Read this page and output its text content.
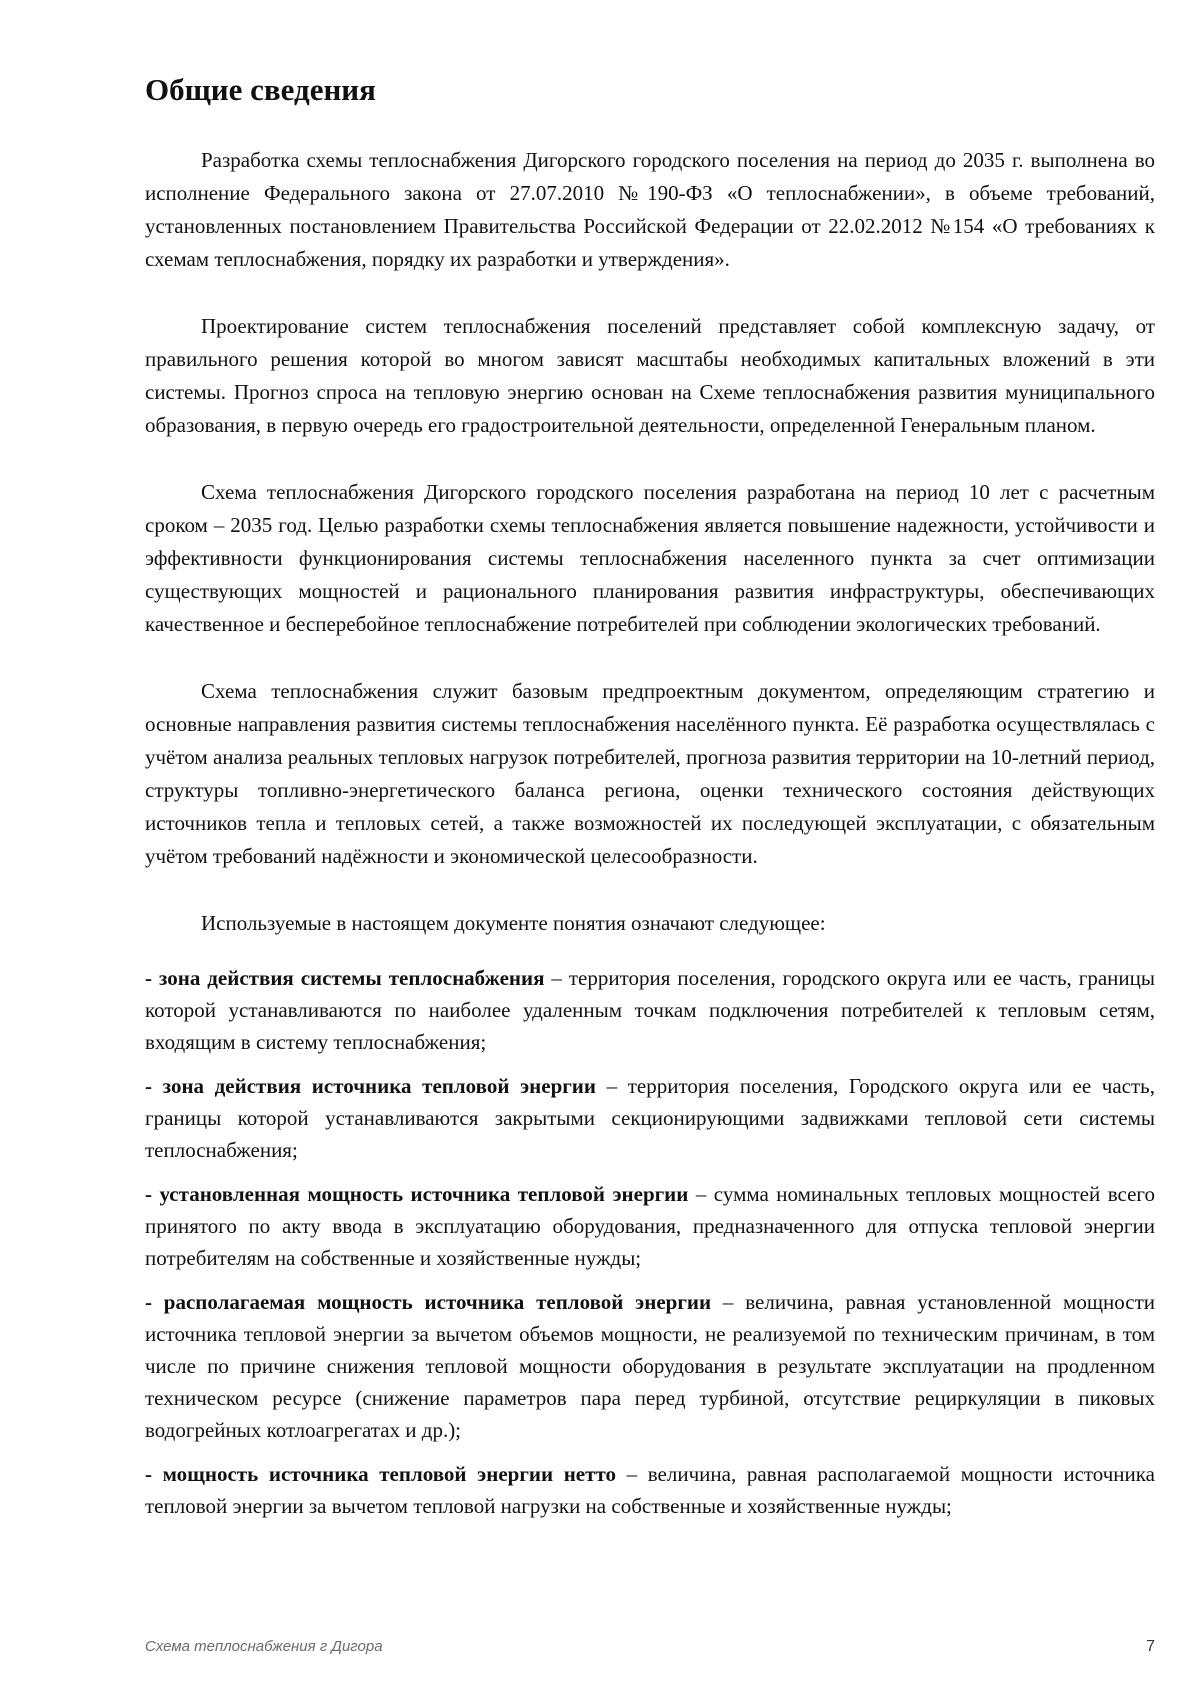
Общие сведения

Разработка схемы теплоснабжения Дигорского городского поселения на период до 2035 г. выполнена во исполнение Федерального закона от 27.07.2010 №190-ФЗ «О теплоснабжении», в объеме требований, установленных постановлением Правительства Российской Федерации от 22.02.2012 №154 «О требованиях к схемам теплоснабжения, порядку их разработки и утверждения».

Проектирование систем теплоснабжения поселений представляет собой комплексную задачу, от правильного решения которой во многом зависят масштабы необходимых капитальных вложений в эти системы. Прогноз спроса на тепловую энергию основан на Схеме теплоснабжения развития муниципального образования, в первую очередь его градостроительной деятельности, определенной Генеральным планом.

Схема теплоснабжения Дигорского городского поселения разработана на период 10 лет с расчетным сроком – 2035 год. Целью разработки схемы теплоснабжения является повышение надежности, устойчивости и эффективности функционирования системы теплоснабжения населенного пункта за счет оптимизации существующих мощностей и рационального планирования развития инфраструктуры, обеспечивающих качественное и бесперебойное теплоснабжение потребителей при соблюдении экологических требований.

Схема теплоснабжения служит базовым предпроектным документом, определяющим стратегию и основные направления развития системы теплоснабжения населённого пункта. Её разработка осуществлялась с учётом анализа реальных тепловых нагрузок потребителей, прогноза развития территории на 10-летний период, структуры топливно-энергетического баланса региона, оценки технического состояния действующих источников тепла и тепловых сетей, а также возможностей их последующей эксплуатации, с обязательным учётом требований надёжности и экономической целесообразности.

Используемые в настоящем документе понятия означают следующее:

- зона действия системы теплоснабжения – территория поселения, городского округа или ее часть, границы которой устанавливаются по наиболее удаленным точкам подключения потребителей к тепловым сетям, входящим в систему теплоснабжения;

- зона действия источника тепловой энергии – территория поселения, Городского округа или ее часть, границы которой устанавливаются закрытыми секционирующими задвижками тепловой сети системы теплоснабжения;

- установленная мощность источника тепловой энергии – сумма номинальных тепловых мощностей всего принятого по акту ввода в эксплуатацию оборудования, предназначенного для отпуска тепловой энергии потребителям на собственные и хозяйственные нужды;

- располагаемая мощность источника тепловой энергии – величина, равная установленной мощности источника тепловой энергии за вычетом объемов мощности, не реализуемой по техническим причинам, в том числе по причине снижения тепловой мощности оборудования в результате эксплуатации на продленном техническом ресурсе (снижение параметров пара перед турбиной, отсутствие рециркуляции в пиковых водогрейных котлоагрегатах и др.);

- мощность источника тепловой энергии нетто – величина, равная располагаемой мощности источника тепловой энергии за вычетом тепловой нагрузки на собственные и хозяйственные нужды;

Схема теплоснабжения г Дигора	7
